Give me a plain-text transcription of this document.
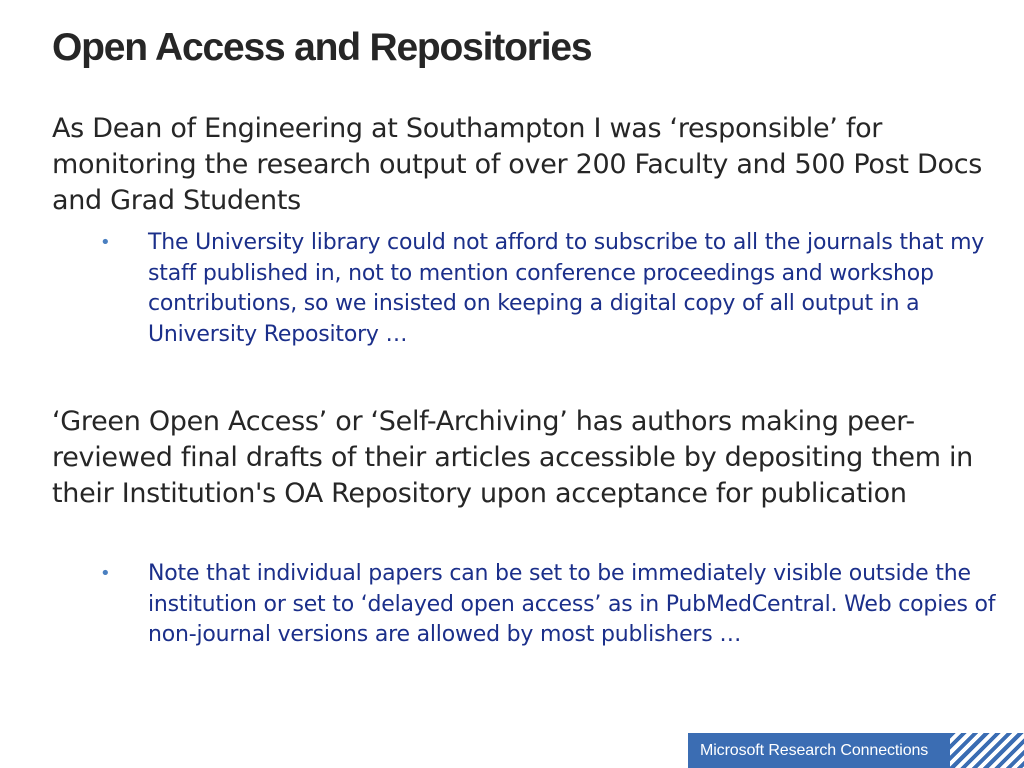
Open Access and Repositories

As Dean of Engineering at Southampton I was ‘responsible’ for monitoring the research output of over 200 Faculty and 500 Post Docs and Grad Students

• The University library could not afford to subscribe to all the journals that my staff published in, not to mention conference proceedings and workshop contributions, so we insisted on keeping a digital copy of all output in a University Repository …

‘Green Open Access’ or ‘Self-Archiving’ has authors making peer-reviewed final drafts of their articles accessible by depositing them in their Institution's OA Repository upon acceptance for publication

• Note that individual papers can be set to be immediately visible outside the institution or set to ‘delayed open access’ as in PubMedCentral. Web copies of non-journal versions are allowed by most publishers …
Microsoft Research Connections
